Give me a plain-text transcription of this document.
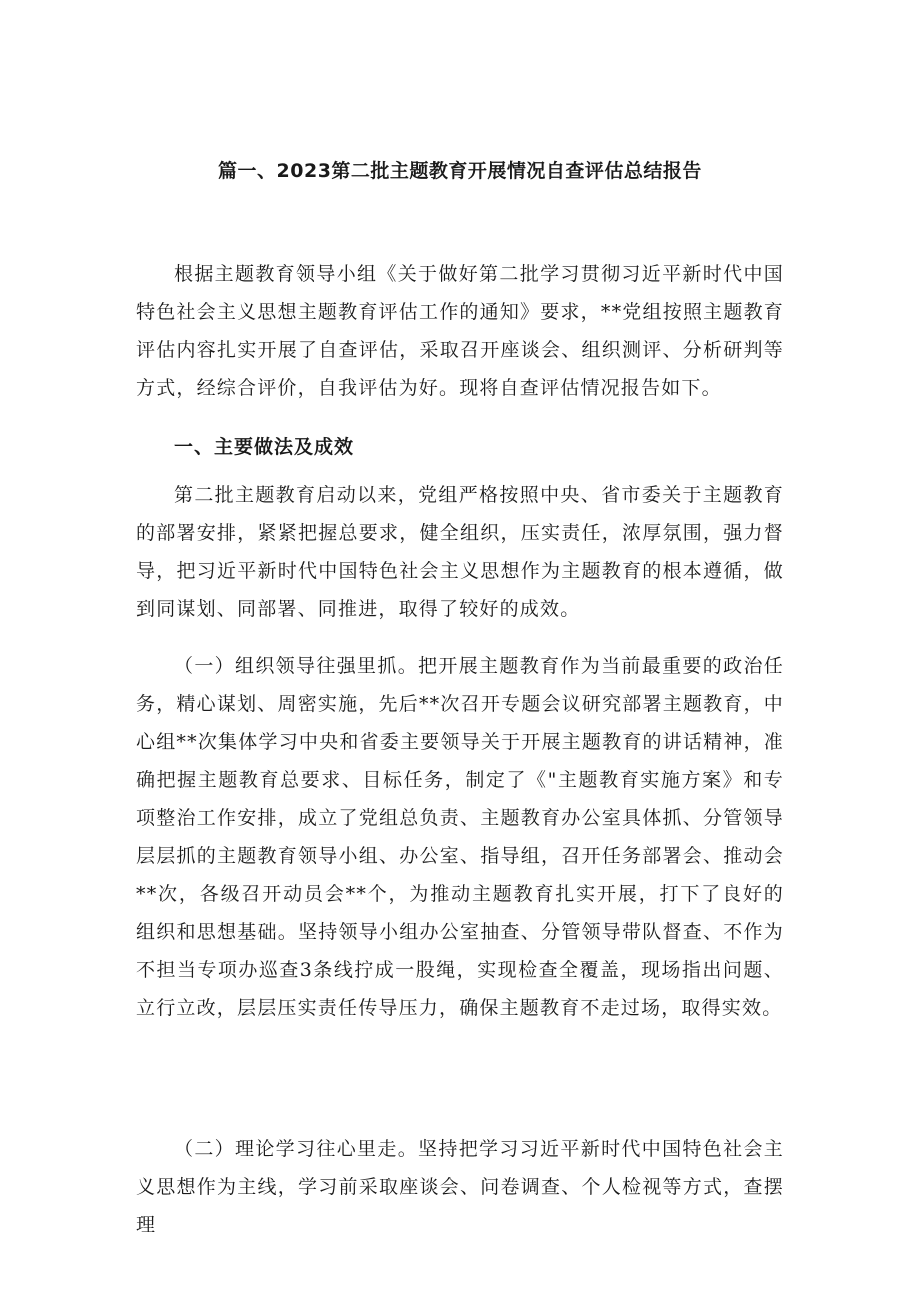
篇一、2023第二批主题教育开展情况自查评估总结报告

根据主题教育领导小组《关于做好第二批学习贯彻习近平新时代中国特色社会主义思想主题教育评估工作的通知》要求，**党组按照主题教育评估内容扎实开展了自查评估，采取召开座谈会、组织测评、分析研判等方式，经综合评价，自我评估为好。现将自查评估情况报告如下。

一、主要做法及成效

第二批主题教育启动以来，党组严格按照中央、省市委关于主题教育的部署安排，紧紧把握总要求，健全组织，压实责任，浓厚氛围，强力督导，把习近平新时代中国特色社会主义思想作为主题教育的根本遵循，做到同谋划、同部署、同推进，取得了较好的成效。

（一）组织领导往强里抓。把开展主题教育作为当前最重要的政治任务，精心谋划、周密实施，先后**次召开专题会议研究部署主题教育，中心组**次集体学习中央和省委主要领导关于开展主题教育的讲话精神，准确把握主题教育总要求、目标任务，制定了《"主题教育实施方案》和专项整治工作安排，成立了党组总负责、主题教育办公室具体抓、分管领导层层抓的主题教育领导小组、办公室、指导组，召开任务部署会、推动会**次，各级召开动员会**个，为推动主题教育扎实开展，打下了良好的组织和思想基础。坚持领导小组办公室抽查、分管领导带队督查、不作为不担当专项办巡查3条线拧成一股绳，实现检查全覆盖，现场指出问题、立行立改，层层压实责任传导压力，确保主题教育不走过场，取得实效。

（二）理论学习往心里走。坚持把学习习近平新时代中国特色社会主义思想作为主线，学习前采取座谈会、问卷调查、个人检视等方式，查摆理
